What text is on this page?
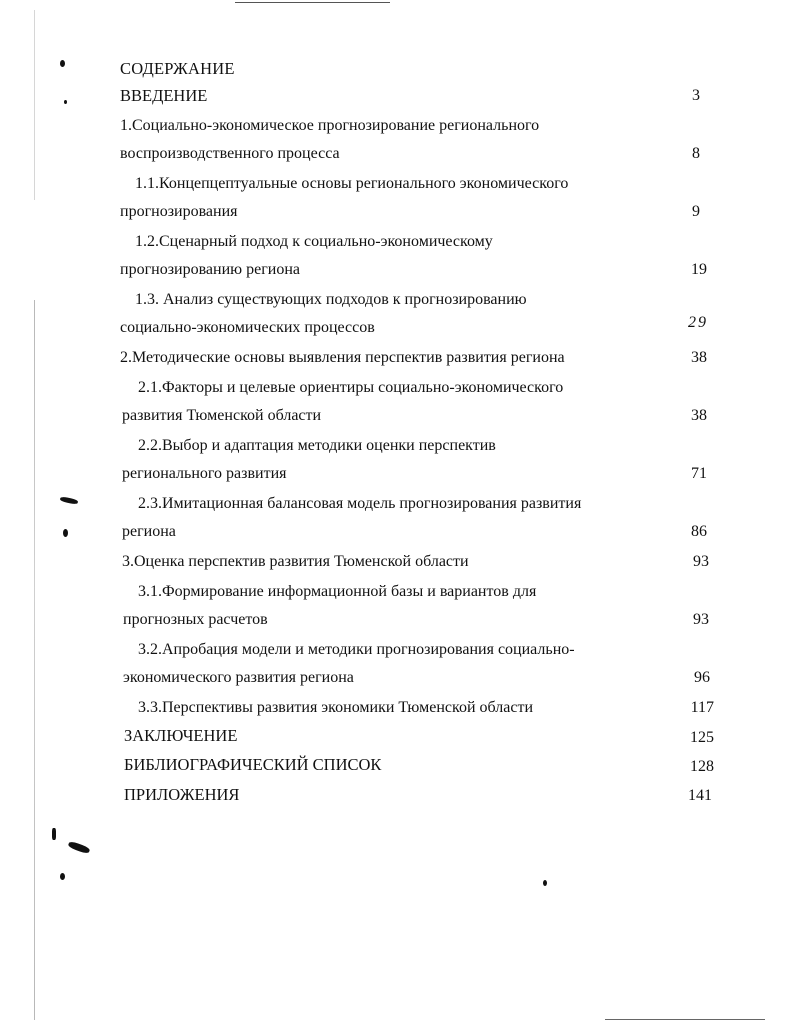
СОДЕРЖАНИЕ
ВВЕДЕНИЕ	3
1.Социально-экономическое прогнозирование регионального
воспроизводственного процесса	8
1.1.Концепцептуальные основы регионального экономического
прогнозирования	9
1.2.Сценарный подход к социально-экономическому
прогнозированию региона	19
1.3. Анализ существующих подходов к прогнозированию
социально-экономических процессов	29
2.Методические основы выявления перспектив развития региона	38
2.1.Факторы и целевые ориентиры социально-экономического
развития Тюменской области	38
2.2.Выбор и адаптация методики оценки перспектив
регионального развития	71
2.3.Имитационная балансовая модель прогнозирования развития
региона	86
3.Оценка перспектив развития Тюменской области	93
3.1.Формирование информационной базы и вариантов для
прогнозных расчетов	93
3.2.Апробация модели и методики прогнозирования социально-
экономического развития региона	96
3.3.Перспективы развития экономики Тюменской области	117
ЗАКЛЮЧЕНИЕ	125
БИБЛИОГРАФИЧЕСКИЙ СПИСОК	128
ПРИЛОЖЕНИЯ	141
